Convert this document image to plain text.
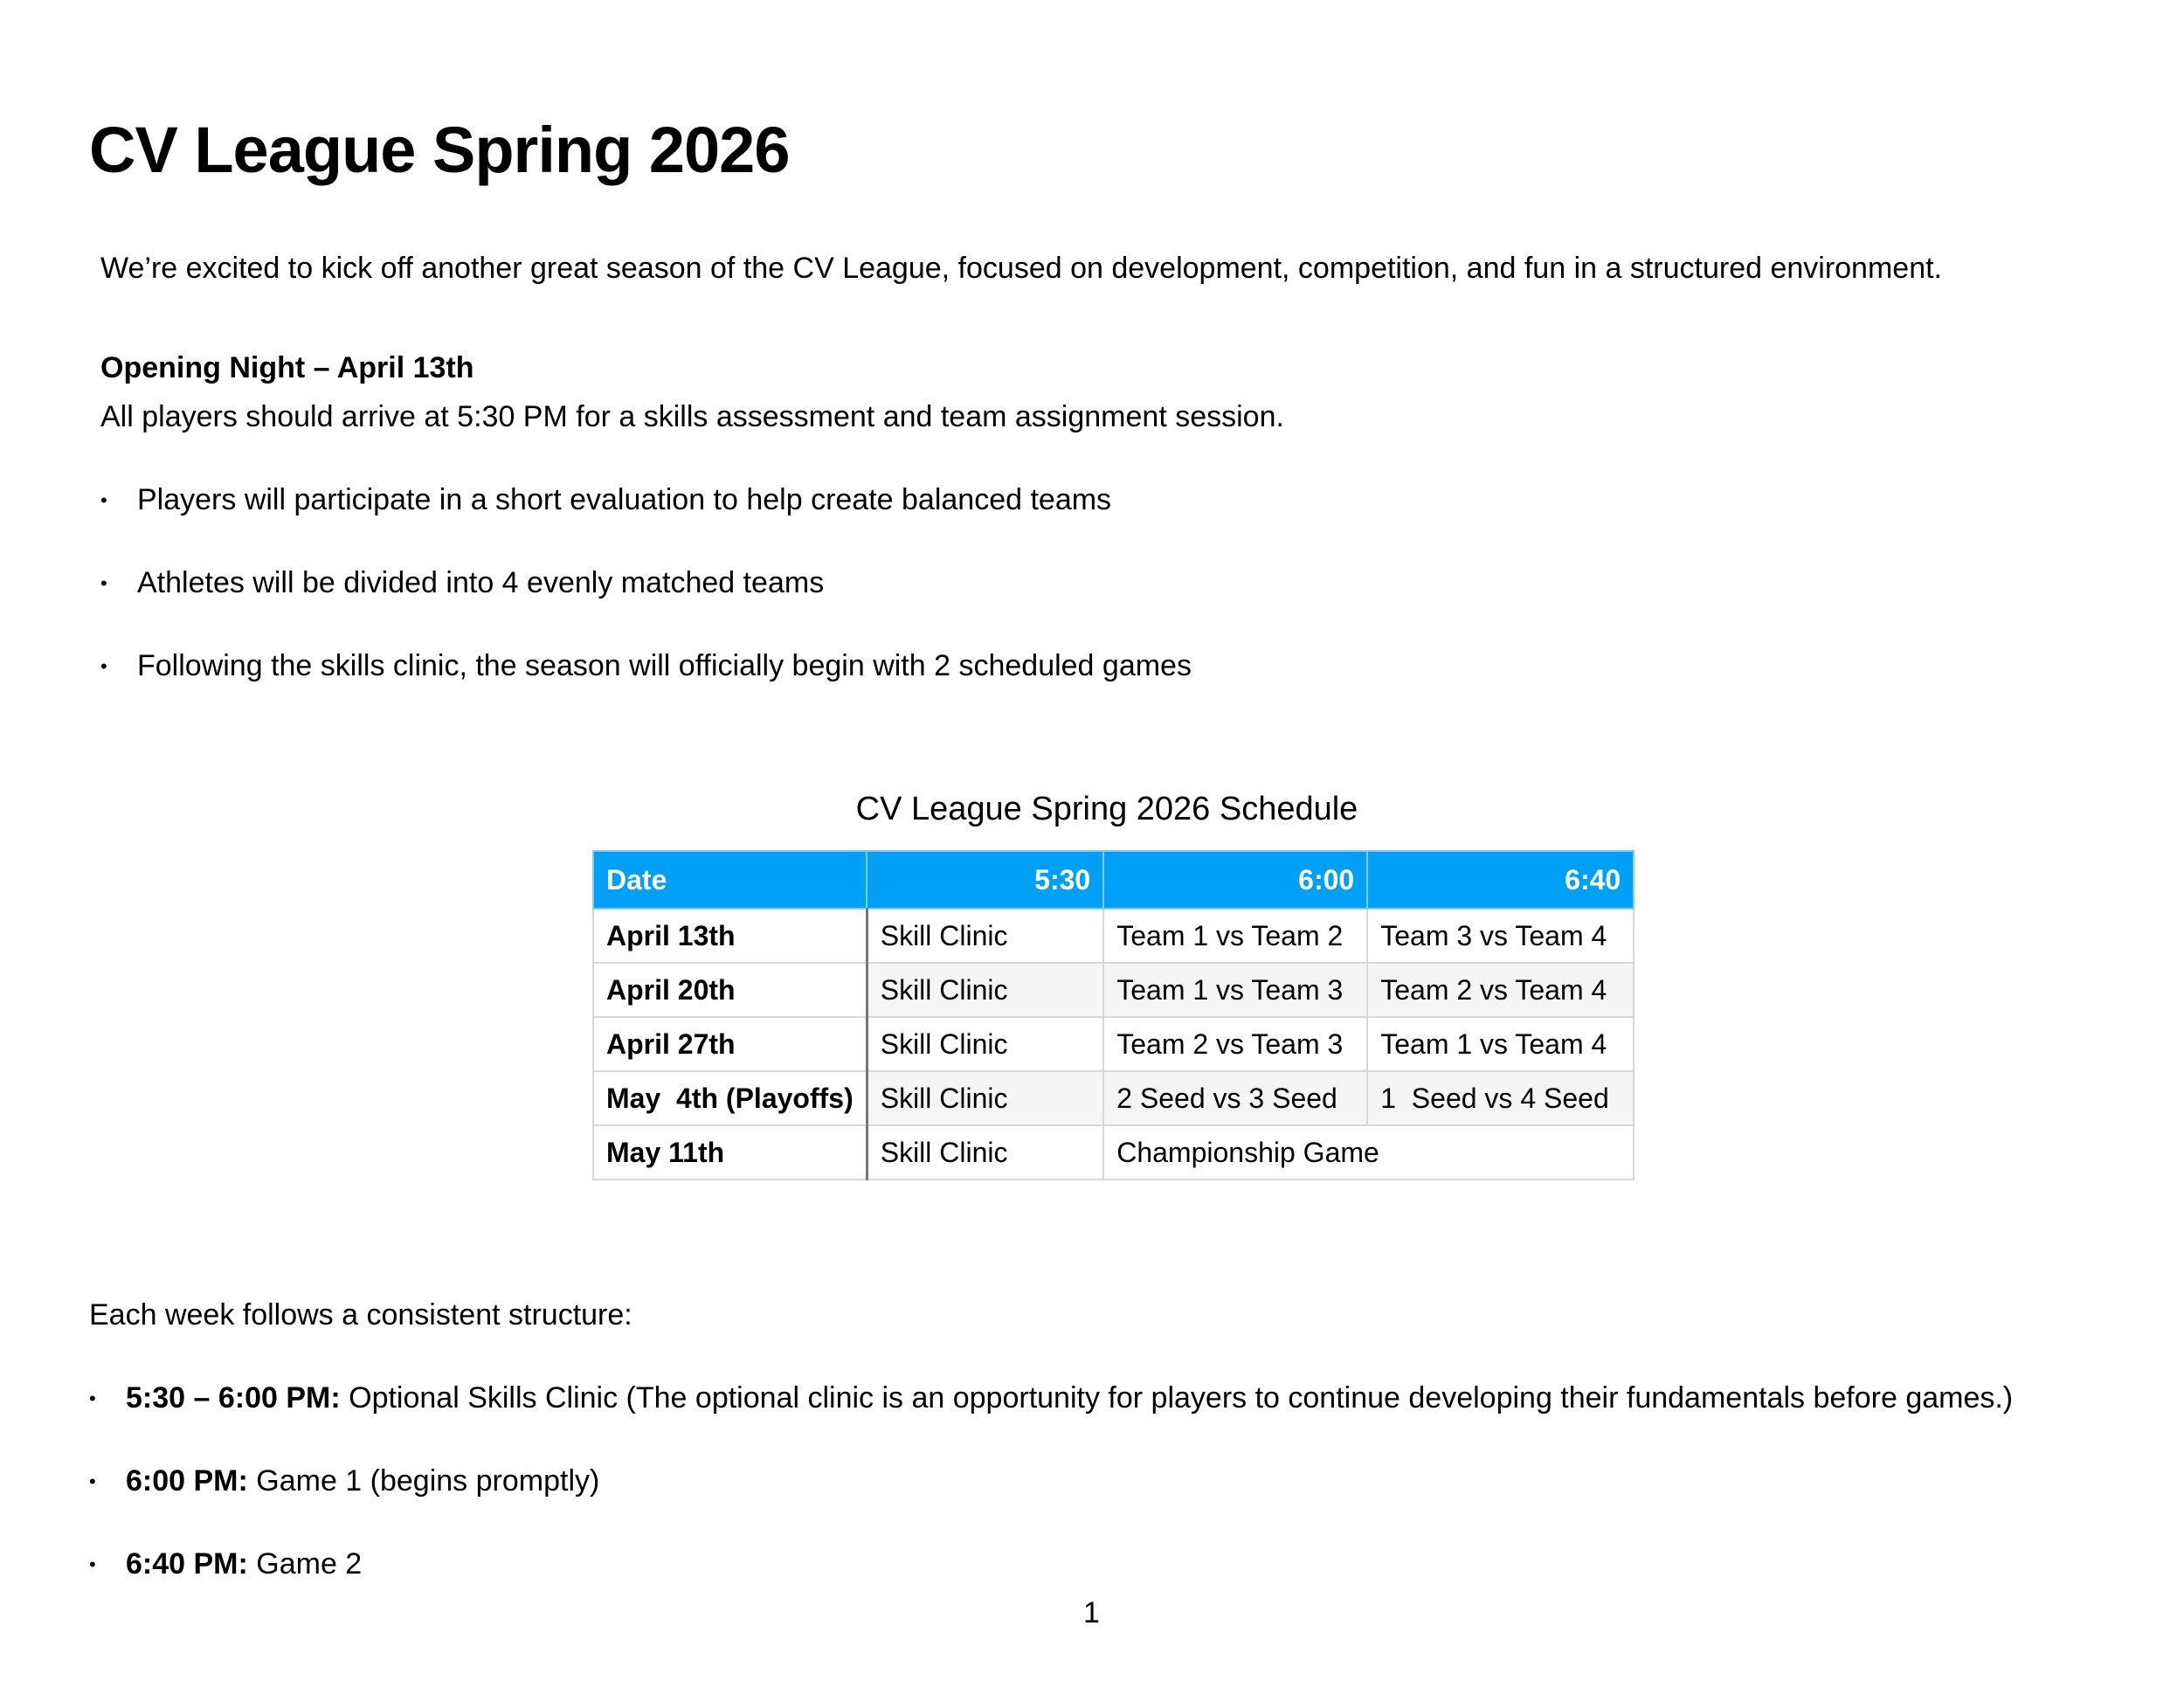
CV League Spring 2026
We’re excited to kick off another great season of the CV League, focused on development, competition, and fun in a structured environment.
Opening Night – April 13th
All players should arrive at 5:30 PM for a skills assessment and team assignment session.
• Players will participate in a short evaluation to help create balanced teams
• Athletes will be divided into 4 evenly matched teams
• Following the skills clinic, the season will officially begin with 2 scheduled games
CV League Spring 2026 Schedule
Date	5:30	6:00	6:40
April 13th	Skill Clinic	Team 1 vs Team 2	Team 3 vs Team 4
April 20th	Skill Clinic	Team 1 vs Team 3	Team 2 vs Team 4
April 27th	Skill Clinic	Team 2 vs Team 3	Team 1 vs Team 4
May  4th (Playoffs)	Skill Clinic	2 Seed vs 3 Seed	1  Seed vs 4 Seed
May 11th	Skill Clinic	Championship Game	
Each week follows a consistent structure:
• 5:30 – 6:00 PM: Optional Skills Clinic (The optional clinic is an opportunity for players to continue developing their fundamentals before games.)
• 6:00 PM: Game 1 (begins promptly)
• 6:40 PM: Game 2
1
